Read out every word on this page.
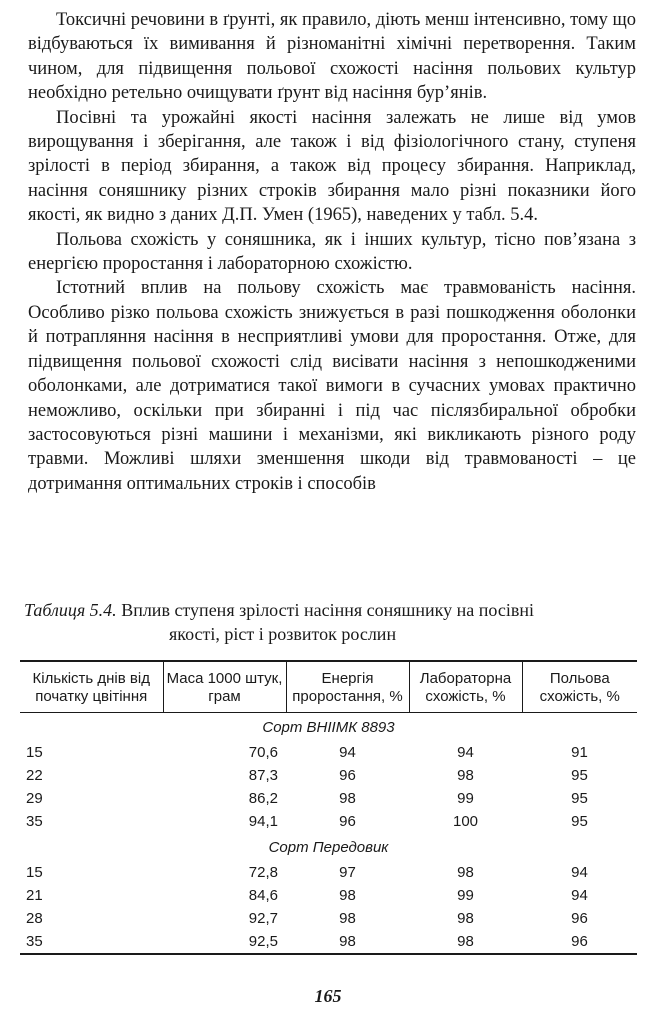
Токсичні речовини в ґрунті, як правило, діють менш інтенсивно, тому що відбуваються їх вимивання й різноманітні хімічні перетворення. Таким чином, для підвищення польової схожості насіння польових культур необхідно ретельно очищувати ґрунт від насіння бур’янів.

Посівні та урожайні якості насіння залежать не лише від умов вирощування і зберігання, але також і від фізіологічного стану, ступеня зрілості в період збирання, а також від процесу збирання. Наприклад, насіння соняшнику різних строків збирання мало різні показники його якості, як видно з даних Д.П. Умен (1965), наведених у табл. 5.4.

Польова схожість у соняшника, як і інших культур, тісно пов’язана з енергією проростання і лабораторною схожістю.

Істотний вплив на польову схожість має травмованість насіння. Особливо різко польова схожість знижується в разі пошкодження оболонки й потрапляння насіння в несприятливі умови для проростання. Отже, для підвищення польової схожості слід висівати насіння з непошкодженими оболонками, але дотриматися такої вимоги в сучасних умовах практично неможливо, оскільки при збиранні і під час післязбиральної обробки застосовуються різні машини і механізми, які викликають різного роду травми. Можливі шляхи зменшення шкоди від травмованості – це дотримання оптимальних строків і способів

Таблиця 5.4. Вплив ступеня зрілості насіння соняшнику на посівні
якості, ріст і розвиток рослин
Кількість днів від початку цвітіння	Маса 1000 штук, грам	Енергія проростання, %	Лабораторна схожість, %	Польова схожість, %
Сорт ВНІІМК 8893				
15	70,6	94	94	91
22	87,3	96	98	95
29	86,2	98	99	95
35	94,1	96	100	95
Сорт Передовик				
15	72,8	97	98	94
21	84,6	98	99	94
28	92,7	98	98	96
35	92,5	98	98	96
165
